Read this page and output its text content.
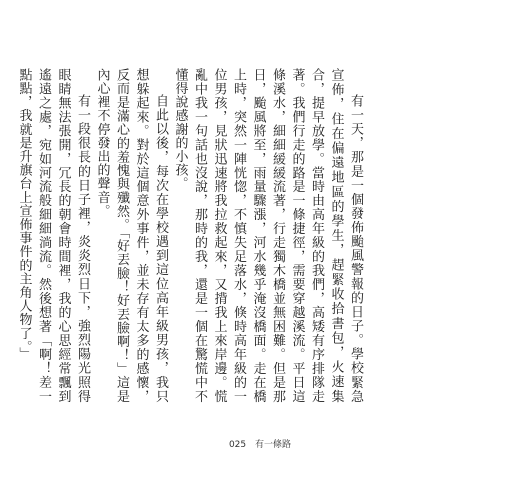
有一天，那是一個發佈颱風警報的日子。學校緊急宣佈，住在偏遠地區的學生，趕緊收拾書包，火速集合，提早放學。當時由高年級的我們，高矮有序排隊走著。我們行走的路是一條捷徑，需要穿越溪流。平日這條溪水，細細緩緩流著，行走獨木橋並無困難。但是那日，颱風將至，雨量驟漲，河水幾乎淹沒橋面。走在橋上時，突然一陣恍惚，不慎失足落水，倏時高年級的一位男孩，見狀迅速將我拉救起來，又揹我上來岸邊。慌亂中我一句話也沒說，那時的我，還是一個在驚慌中不懂得說感謝的小孩。

自此以後，每次在學校遇到這位高年級男孩，我只想躲起來。對於這個意外事件，並未存有太多的感懷，反而是滿心的羞愧與殲然。「好丟臉！好丟臉啊！」這是內心裡不停發出的聲音。

有一段很長的日子裡，炎炎烈日下，強烈陽光照得眼睛無法張開，冗長的朝會時間裡，我的心思經常飄到遙遠之處，宛如河流般細細淌流。然後想著「啊！差一點點，我就是升旗台上宣佈事件的主角人物了。」

025 有一條路
